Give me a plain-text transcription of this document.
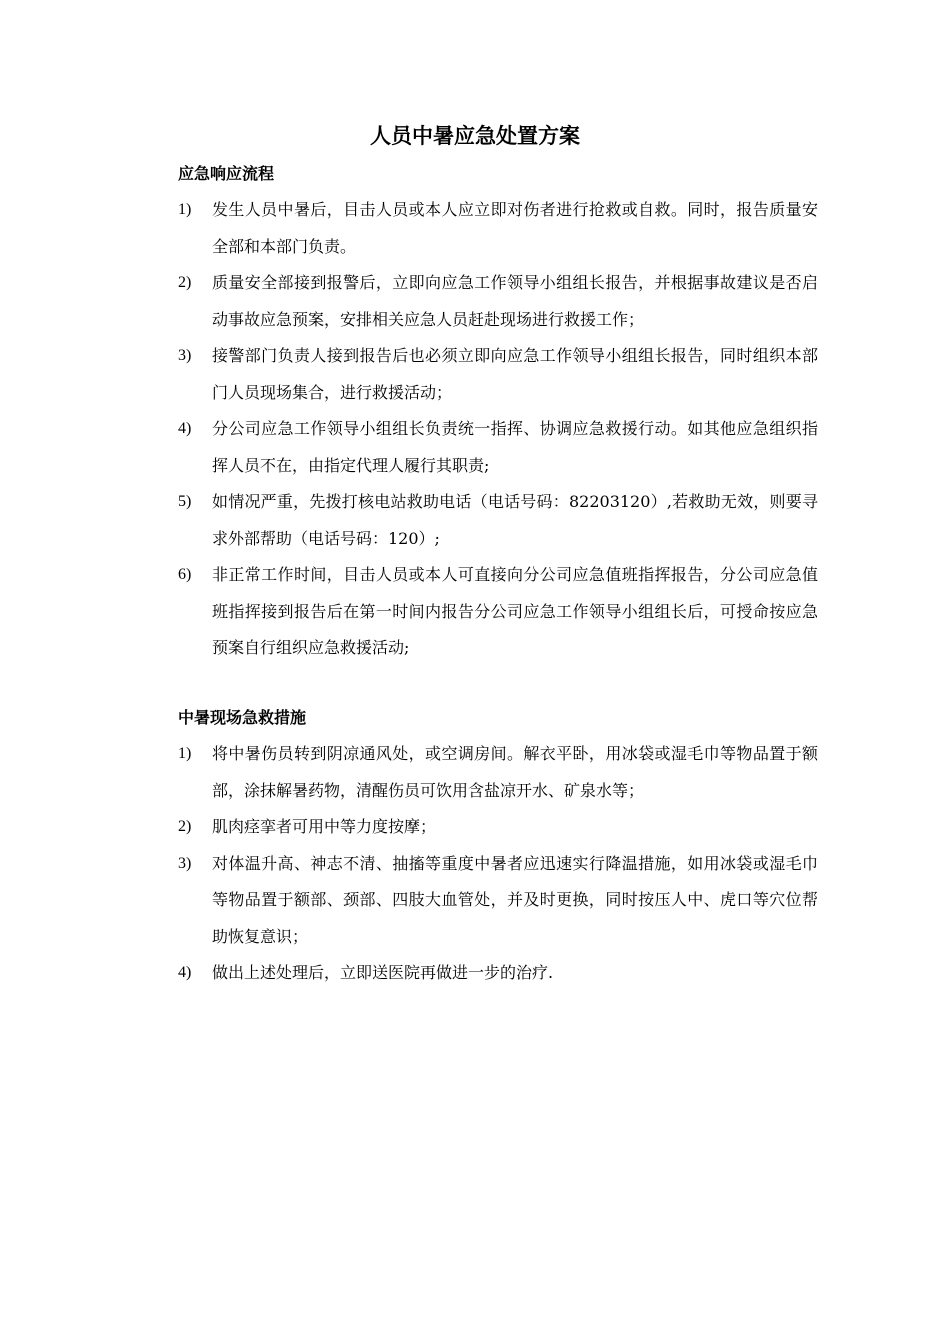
人员中暑应急处置方案
应急响应流程
1)	发生人员中暑后，目击人员或本人应立即对伤者进行抢救或自救。同时，报告质量安全部和本部门负责。
2)	质量安全部接到报警后，立即向应急工作领导小组组长报告，并根据事故建议是否启动事故应急预案，安排相关应急人员赶赴现场进行救援工作；
3)	接警部门负责人接到报告后也必须立即向应急工作领导小组组长报告，同时组织本部门人员现场集合，进行救援活动；
4)	分公司应急工作领导小组组长负责统一指挥、协调应急救援行动。如其他应急组织指挥人员不在，由指定代理人履行其职责;
5)	如情况严重，先拨打核电站救助电话（电话号码：82203120）,若救助无效，则要寻求外部帮助（电话号码：120）;
6)	非正常工作时间，目击人员或本人可直接向分公司应急值班指挥报告，分公司应急值班指挥接到报告后在第一时间内报告分公司应急工作领导小组组长后，可授命按应急预案自行组织应急救援活动;
中暑现场急救措施
1)	将中暑伤员转到阴凉通风处，或空调房间。解衣平卧，用冰袋或湿毛巾等物品置于额部，涂抹解暑药物，清醒伤员可饮用含盐凉开水、矿泉水等；
2)	肌肉痉挛者可用中等力度按摩；
3)	对体温升高、神志不清、抽搐等重度中暑者应迅速实行降温措施，如用冰袋或湿毛巾等物品置于额部、颈部、四肢大血管处，并及时更换，同时按压人中、虎口等穴位帮助恢复意识；
4)	做出上述处理后，立即送医院再做进一步的治疗.
